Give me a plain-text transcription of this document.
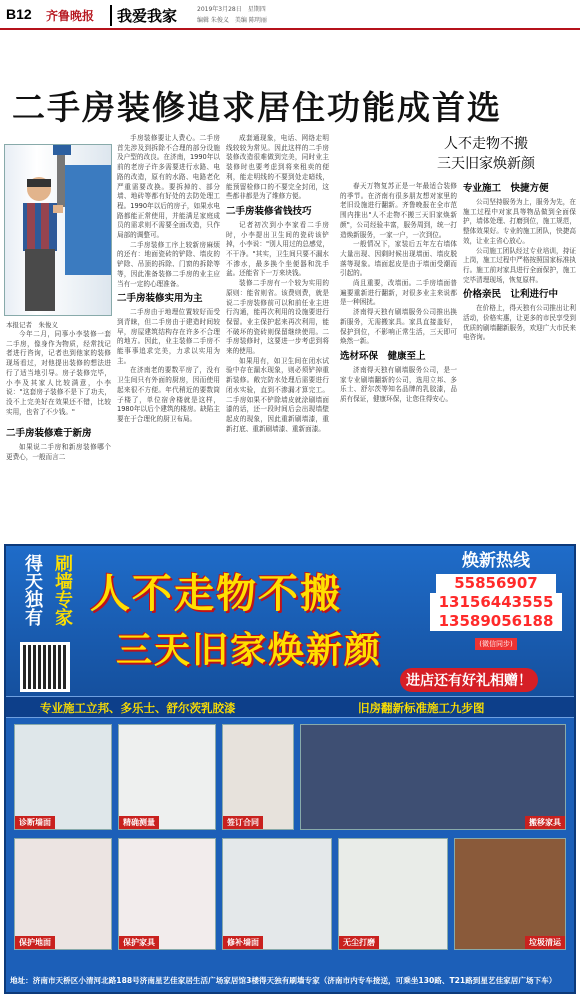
B12 齐鲁晚报	我爱我家	2019年3月28日　星期四
编辑 朱俊义　美编 陈明丽
二手房装修追求居住功能成首选
本报记者　朱俊义

今年二月，同事小李装修一套二手房，像身作为物质，经常找记者进行咨询，记者也到他家的装修现场看过，对他提出装修的想法进行了适当地引导。房子装修完毕，小李及其家人比较满意，小李说："这套房子装修不是下了功夫，没不上完美好在效果还不错，比较实用，也省了不少钱。"

二手房装修难于新房

如果说二手房和新房装修哪个更费心，一般而言二

手房装修要让人费心。二手房首先涉及到拆除不合理的部分设施及户型的改良。在济南，1990年以前的老房子许多需要进行水路、电路的改造，原有的水路、电路老化严重需要改换。要拆掉的、部分墙、地砖等都有好处的去防处理工程。1990年以后的房子，如果水电路都能正常使用，并能满足家庭成员的需求则不需要全面改造，只作局部的调整可。

二手房装修工序上较新房麻烦的还有：地面瓷砖的铲除、墙皮的铲除、吊顶的拆除、门窗的拆除等等，因此准备装修二手房的业主应当有一定的心理准备。

二手房装修实用为主

二手房由于地理位置较好而受到青睐，但二手房由于建造时间较早，房屋建筑结构存在许多不合理的地方。因此，业主装修二手房不能事事追求完美，力求以实用为主。

在济南老的要数平房了，没有卫生间只有外面的厨房，因而使用起来很不方便。年代稍近的要数筒子楼了，单位宿舍楼就是这样，1980年以后个建筑的楼房。缺陷主要在于合理化的厨卫布局。

成套通现象，电话、网络走明线较较为常见。因此这样的二手房装修改造很难做到完美，同时业主装修时也要考虑到将来租卖的便利，能走明线的不要到处走暗线，能预留检修口的不要完全封闭，这些都非都是为了维修方便。

二手房装修省钱技巧

记者初次到小李家看二手房时，小李提出卫生间的瓷砖该铲掉，小李说："别人用过的总感觉，不干净。"其实，卫生间只要不漏水不渗水，最多换个坐便器和洗手盆。还能省下一万来块钱。

装修二手房有一个较为实用的原则：能省则省。该费则费，就是说二手房装修前可以和前任业主进行沟通，能再次利用的设施要进行保留。业主保护起来再次利用，能不破坏的瓷砖则保留继续使用。二手房装修时，这要进一步考虑到将来的使用。

如果用有，如卫生间在闭水试验中存在漏水现象，则必须铲掉重新装修。敞完防水处理后需要进行闭水实验，直到不渗漏才算完工。二手房如果不铲除墙皮就涂刷墙面漆的话，还一段时间后会出现墙壁起皮的现象，因此重新刷墙漆，重新打底、重新刷墙漆、重新面漆。

人不走物不搬
三天旧家焕新颜

春天万物复苏正是一年最适合装修的季节。在济南有很多朋友想对家里的老旧设施进行翻新。齐鲁晚报在全市范围内推出"人不走物不搬三天旧家焕新颜"，公司经验丰富，服务周到，统一打造焕新服务，一家一户，一次到位。

一般情况下，家装后五年左右墙体大量出现、因剩时候出现墙面、墙皮脱落等现象。墙面起皮是由于墙面受潮而引起的。

尚且重要，改墙面。二手房墙面普遍要重新进行翻新，对很多业主来说都是一种困扰。

济南得天独有刷墙服务公司推出换新服务，无需搬家具。家具直接盖好，保护到位，不影响正常生活，三天即可焕然一新。

选材环保　健康至上

济南得天独有刷墙服务公司，是一家专业刷墙翻新的公司，选用立邦、多乐士、舒尔茨等知名品牌的乳胶漆，品质有保证，健康环保，让您住得安心。

专业施工　快捷方便

公司坚持服务为上，服务为先，在施工过程中对家具等物品做到全面保护，墙体处理、打磨到位，施工规范，整体效果好。专业的施工团队，快捷高效，让业主省心放心。

公司施工团队经过专业培训，持证上岗，施工过程中严格按照国家标准执行。施工前对家具进行全面保护，施工完毕清理现场，恢复原样。

价格亲民　让利进行中

在价格上，得天独有公司推出让利活动，价格实惠，让更多的市民享受到优质的刷墙翻新服务，欢迎广大市民来电咨询。

得天独有 刷墙专家 人不走物不搬
三天旧家焕新颜
焕新热线
55856907
13156443555
13589056188
(微信同步)
进店还有好礼相赠！
专业施工立邦、多乐士、舒尔茨乳胶漆	旧房翻新标准施工九步图
诊断墙面	精确测量	签订合同	搬移家具
保护地面	保护家具	修补墙面	无尘打磨	垃圾清运
地址：济南市天桥区小清河北路188号济南星艺佳家居生活广场家居馆3楼得天独有刷墙专家（济南市内专车接送，可乘坐130路、T21路到星艺佳家居广场下车）
